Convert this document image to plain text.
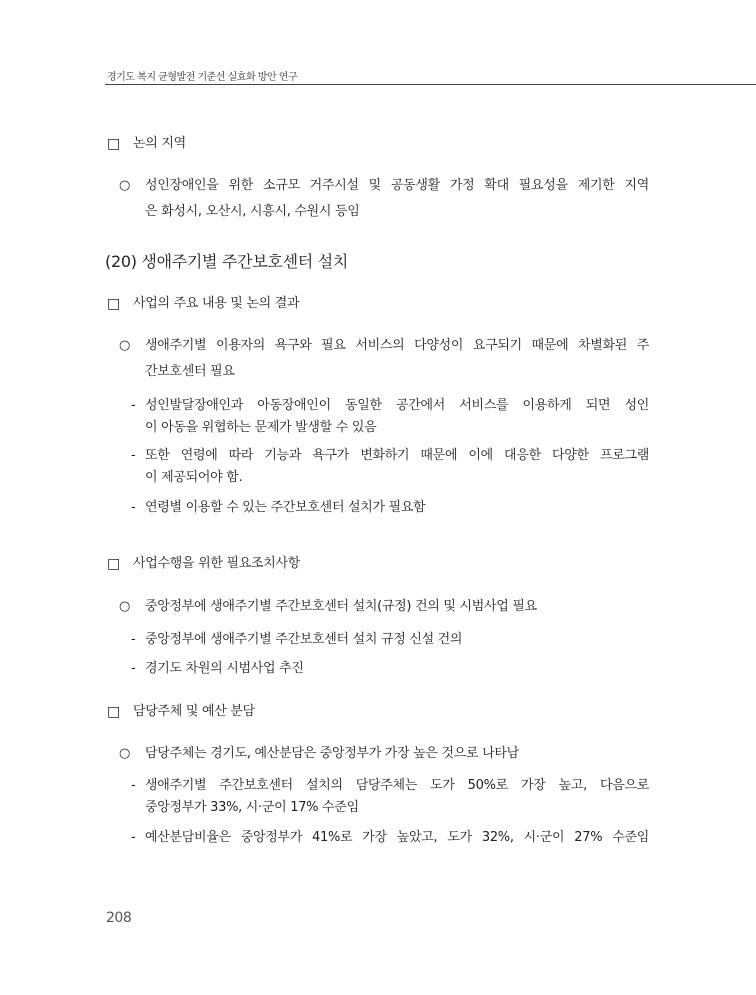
경기도 복지 균형발전 기준선 실효화 방안 연구
□ 논의 지역
○ 성인장애인을 위한 소규모 거주시설 및 공동생활 가정 확대 필요성을 제기한 지역
은 화성시, 오산시, 시흥시, 수원시 등임
(20) 생애주기별 주간보호센터 설치
□ 사업의 주요 내용 및 논의 결과
○ 생애주기별 이용자의 욕구와 필요 서비스의 다양성이 요구되기 때문에 차별화된 주
간보호센터 필요
- 성인발달장애인과 아동장애인이 동일한 공간에서 서비스를 이용하게 되면 성인
이 아동을 위협하는 문제가 발생할 수 있음
- 또한 연령에 따라 기능과 욕구가 변화하기 때문에 이에 대응한 다양한 프로그램
이 제공되어야 함.
- 연령별 이용할 수 있는 주간보호센터 설치가 필요함
□ 사업수행을 위한 필요조치사항
○ 중앙정부에 생애주기별 주간보호센터 설치(규정) 건의 및 시범사업 필요
- 중앙정부에 생애주기별 주간보호센터 설치 규정 신설 건의
- 경기도 차원의 시범사업 추진
□ 담당주체 및 예산 분담
○ 담당주체는 경기도, 예산분담은 중앙정부가 가장 높은 것으로 나타남
- 생애주기별 주간보호센터 설치의 담당주체는 도가 50%로 가장 높고, 다음으로
중앙정부가 33%, 시·군이 17% 수준임
- 예산분담비율은 중앙정부가 41%로 가장 높았고, 도가 32%, 시·군이 27% 수준임
208
